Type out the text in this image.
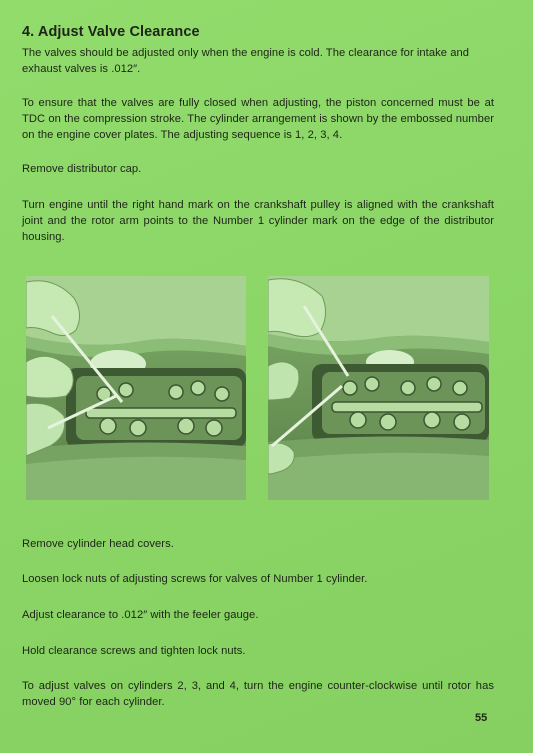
4. Adjust Valve Clearance
The valves should be adjusted only when the engine is cold. The clearance for intake and exhaust valves is .012″.
To ensure that the valves are fully closed when adjusting, the piston concerned must be at TDC on the compression stroke. The cylinder arrangement is shown by the embossed number on the engine cover plates. The adjusting sequence is 1, 2, 3, 4.
Remove distributor cap.
Turn engine until the right hand mark on the crankshaft pulley is aligned with the crankshaft joint and the rotor arm points to the Number 1 cylinder mark on the edge of the distributor housing.
Remove cylinder head covers.
Loosen lock nuts of adjusting screws for valves of Number 1 cylinder.
Adjust clearance to .012″ with the feeler gauge.
Hold clearance screws and tighten lock nuts.
To adjust valves on cylinders 2, 3, and 4, turn the engine counter-clockwise until rotor has moved 90° for each cylinder.
55
